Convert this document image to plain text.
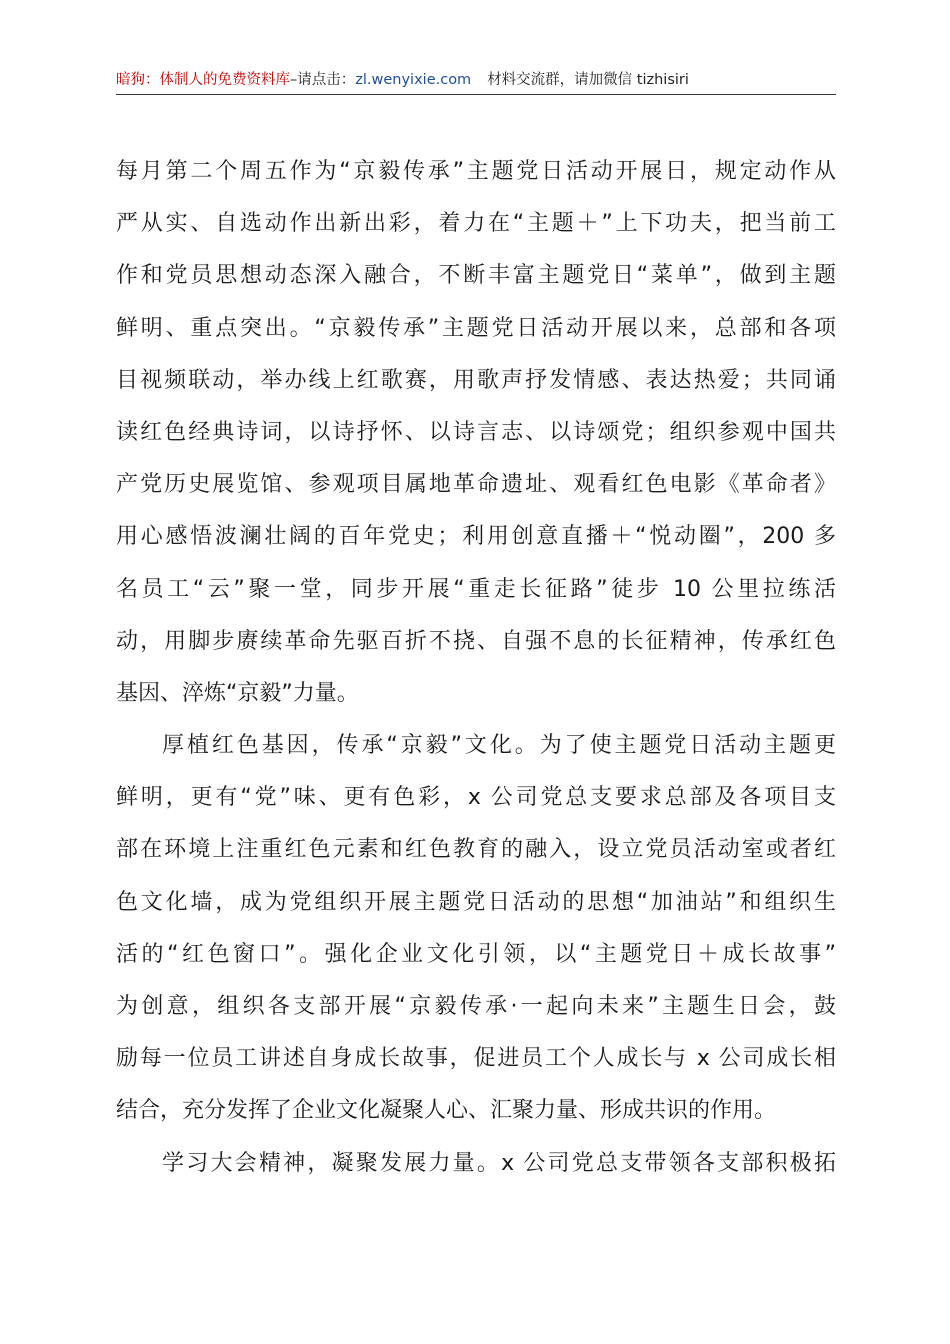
暗狗：体制人的免费资料库–请点击：zl.wenyixie.com 材料交流群，请加微信 tizhisiri
每月第二个周五作为“京毅传承”主题党日活动开展日，规定动作从
严从实、自选动作出新出彩，着力在“主题＋”上下功夫，把当前工
作和党员思想动态深入融合，不断丰富主题党日“菜单”，做到主题
鲜明、重点突出。“京毅传承”主题党日活动开展以来，总部和各项
目视频联动，举办线上红歌赛，用歌声抒发情感、表达热爱；共同诵
读红色经典诗词，以诗抒怀、以诗言志、以诗颂党；组织参观中国共
产党历史展览馆、参观项目属地革命遗址、观看红色电影《革命者》
用心感悟波澜壮阔的百年党史；利用创意直播＋“悦动圈”，200 多
名员工“云”聚一堂，同步开展“重走长征路”徒步 10 公里拉练活
动，用脚步赓续革命先驱百折不挠、自强不息的长征精神，传承红色
基因、淬炼“京毅”力量。
厚植红色基因，传承“京毅”文化。为了使主题党日活动主题更
鲜明，更有“党”味、更有色彩，x 公司党总支要求总部及各项目支
部在环境上注重红色元素和红色教育的融入，设立党员活动室或者红
色文化墙，成为党组织开展主题党日活动的思想“加油站”和组织生
活的“红色窗口”。强化企业文化引领，以“主题党日＋成长故事”
为创意，组织各支部开展“京毅传承·一起向未来”主题生日会，鼓
励每一位员工讲述自身成长故事，促进员工个人成长与 x 公司成长相
结合，充分发挥了企业文化凝聚人心、汇聚力量、形成共识的作用。
学习大会精神，凝聚发展力量。x 公司党总支带领各支部积极拓
